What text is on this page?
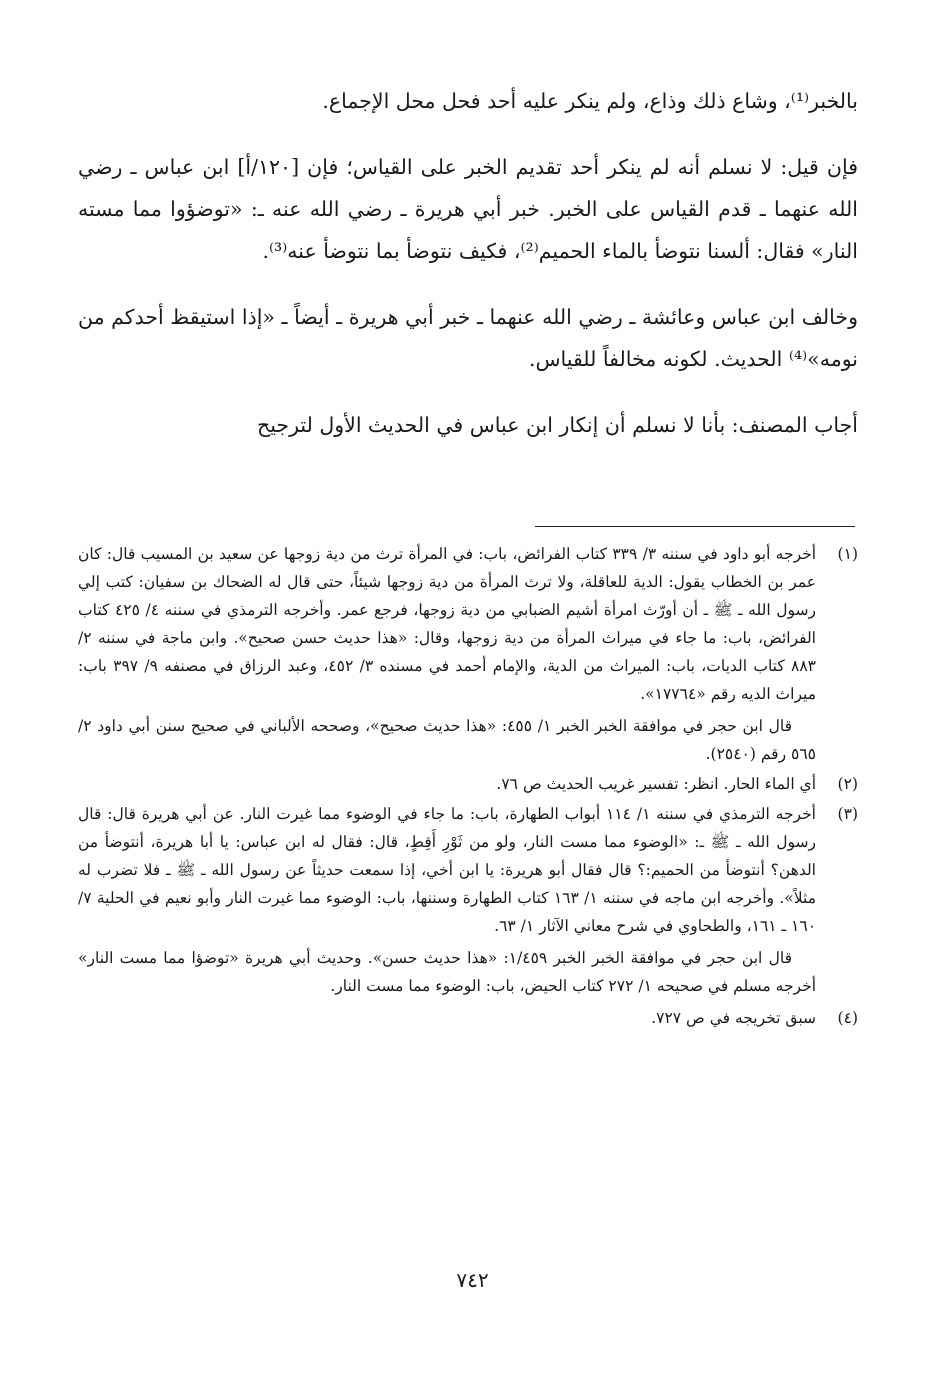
بالخبر⁽¹⁾، وشاع ذلك وذاع، ولم ينكر عليه أحد فحل محل الإجماع.

فإن قيل: لا نسلم أنه لم ينكر أحد تقديم الخبر على القياس؛ فإن [١٢٠/أ] ابن عباس ـ رضي الله عنهما ـ قدم القياس على الخبر. خبر أبي هريرة ـ رضي الله عنه ـ: «توضؤوا مما مسته النار» فقال: ألسنا نتوضأ بالماء الحميم⁽²⁾، فكيف نتوضأ بما نتوضأ عنه⁽³⁾.

وخالف ابن عباس وعائشة ـ رضي الله عنهما ـ خبر أبي هريرة ـ أيضاً ـ «إذا استيقظ أحدكم من نومه»⁽⁴⁾ الحديث. لكونه مخالفاً للقياس.

أجاب المصنف: بأنا لا نسلم أن إنكار ابن عباس في الحديث الأول لترجيح

(١)

أخرجه أبو داود في سننه ٣/ ٣٣٩ كتاب الفرائض، باب: في المرأة ترث من دية زوجها عن سعيد بن المسيب قال: كان عمر بن الخطاب يقول: الدية للعاقلة، ولا ترث المرأة من دية زوجها شيئاً، حتى قال له الضحاك بن سفيان: كتب إلي رسول الله ـ ﷺ ـ أن أورّث امرأة أشيم الضبابي من دية زوجها، فرجع عمر. وأخرجه الترمذي في سننه ٤/ ٤٢٥ كتاب الفرائض، باب: ما جاء في ميراث المرأة من دية زوجها، وقال: «هذا حديث حسن صحيح». وابن ماجة في سننه ٢/ ٨٨٣ كتاب الديات، باب: الميراث من الدية، والإمام أحمد في مسنده ٣/ ٤٥٢، وعبد الرزاق في مصنفه ٩/ ٣٩٧ باب: ميراث الديه رقم «١٧٧٦٤».

قال ابن حجر في موافقة الخبر الخبر ١/ ٤٥٥: «هذا حديث صحيح»، وصححه الألباني في صحيح سنن أبي داود ٢/ ٥٦٥ رقم (٢٥٤٠).

(٢)

أي الماء الحار. انظر: تفسير غريب الحديث ص ٧٦.

(٣)

أخرجه الترمذي في سننه ١/ ١١٤ أبواب الطهارة، باب: ما جاء في الوضوء مما غيرت النار. عن أبي هريرة قال: قال رسول الله ـ ﷺ ـ: «الوضوء مما مست النار، ولو من ثَوْرِ أَقِطٍ، قال: فقال له ابن عباس: يا أبا هريرة، أنتوضأ من الدهن؟ أنتوضأ من الحميم:؟ قال فقال أبو هريرة: يا ابن أخي، إذا سمعت حديثاً عن رسول الله ـ ﷺ ـ فلا تضرب له مثلاً». وأخرجه ابن ماجه في سننه ١/ ١٦٣ كتاب الطهارة وسننها، باب: الوضوء مما غيرت النار وأبو نعيم في الحلية ٧/ ١٦٠ ـ ١٦١، والطحاوي في شرح معاني الآثار ١/ ٦٣.

قال ابن حجر في موافقة الخبر الخبر ١/٤٥٩: «هذا حديث حسن». وحديث أبي هريرة «توضؤا مما مست النار» أخرجه مسلم في صحيحه ١/ ٢٧٢ كتاب الحيض، باب: الوضوء مما مست النار.

(٤)

سبق تخريجه في ص ٧٢٧.

٧٤٢
